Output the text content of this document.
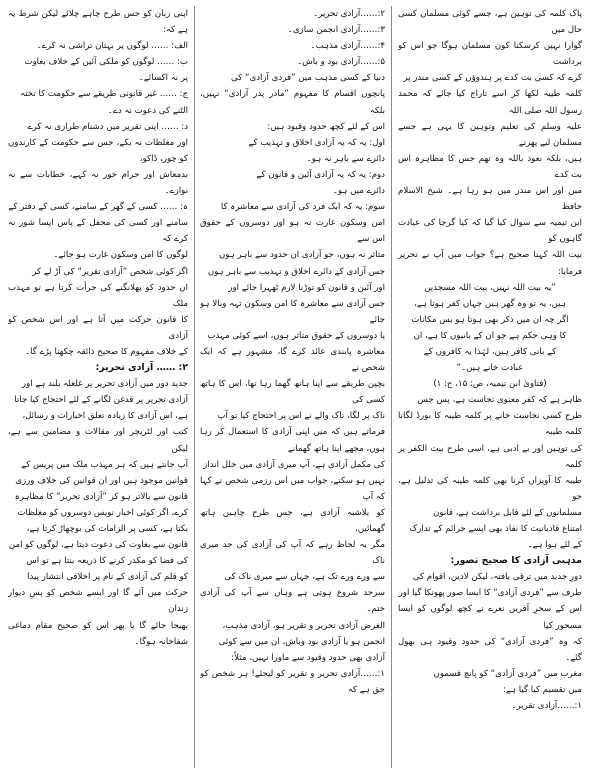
پاک کلمہ کی توہین ہے، جسے کوئی مسلمان کسی حال میں

گوارا نہیں کرسکتا کون مسلمان ہوگا جو اس کو برداشت

کرے کہ کسی بت کدے پر ہندوؤں کے کسی مندر پر

کلمہ طیبہ لکھا کر اسے تاراج کیا جائے کہ محمد رسول اللہ صلی اللہ

علیہ وسلم کی تعلیم وتوہین کا یہی ہے جسے مسلمان لیے پھرتے

ہیں، بلکہ نعوذ باللہ وہ تھم جس کا مظاہرہ اس بت کدے

میں اور اس مندر میں ہو رہا ہے۔ شیخ الاسلام حافظ

ابن تیمیہ سے سوال کیا گیا کہ کیا گرجا کی عبادت گاہوں کو

بیت اللہ کہنا صحیح ہے؟ جواب میں آپ نے تحریر فرمایا:

”یہ بیت اللہ نہیں، بیت اللہ مسجدیں

ہیں، یہ تو وہ گھر ہیں جہاں کفر ہوتا ہے،

اگر چہ ان میں ذکر بھی ہوتا ہو بس مکانات

کا وہی حکم ہے جو ان کے بانیوں کا ہے، ان

کے بانی کافر ہیں، لہٰذا یہ کافروں کے

عبادت خانے ہیں۔“

(فتاویٰ ابن تیمیہ، ص: ۱۵، ج: ۱)

ظاہر ہے کہ کفر معنوی نجاست ہے، پس جس

طرح کسی نجاست خانے پر کلمہ طیبہ کا بورڈ لگانا کلمہ طیبہ

کی توہین اور بے ادبی ہے، اسی طرح بیت الکفر پر کلمہ

طیبہ کا آویزاں کرنا بھی کلمہ طیبہ کی تذلیل ہے، جو

مسلمانوں کے لئے قابل برداشت ہے، قانون

امتناع قادیانیت کا نفاذ بھی ایسے جرائم کے تدارک

کے لئے ہوا ہے۔

مذہبی آزادی کا صحیح تصور:

دورِ جدید میں ترقی یافتہ، لیکن لادین، اقوام کی

طرف سے ”فردی آزادی“ کا ایسا صور پھونکا گیا اور

اس کے سحرِ آفریں نعرے نے کچھ لوگوں کو ایسا مسحور کیا

کہ وہ ”فردی آزادی“ کی حدود وقیود ہی بھول گئے۔

مغرب میں ”فردی آزادی“ کو پانچ قسموں

میں تقسیم کیا گیا ہے:

۱:……آزادی تقریر۔

۲:……آزادی تحریر۔

۳:……آزادی انجمن سازی۔

۴:……آزادی مذہب۔

۵:……آزادی بود و باش۔

دنیا کے کسی مذہب میں ”فردی آزادی“ کی

پانچوں اقسام کا مفہوم ”مادر پدر آزادی“ نہیں، بلکہ

اس کے لئے کچھ حدود وقیود ہیں:

اول: یہ کہ یہ آزادی اخلاق و تہذیب کے

دائرے سے باہر نہ ہو۔

دوم: یہ کہ یہ آزادی آئین و قانون کے

دائرے میں ہو۔

سوم: یہ کہ ایک فرد کی آزادی سے معاشرہ کا

امن وسکون غارت نہ ہو اور دوسروں کے حقوق اس سے

متاثر نہ ہوں، جو آزادی ان حدود سے باہر ہوں

جس آزادی کے دائرے اخلاق و تہذیب سے باہر ہوں

اور آئین و قانون کو توڑنا لازم ٹھہرا جائے اور

جس آزادی سے معاشرہ کا امن وسکون تہہ وبالا ہو جائے

یا دوسروں کے حقوق متاثر ہوں، اسے کوئی مہذب

معاشرہ پابندی عائد کرے گا، مشہور ہے کہ ایک شخص نے

بچپن طریقے سے اپنا ہاتھ گھما رہا تھا، اس کا ہاتھ کسی کی

ناک پر لگا، ناک والے نے اس پر احتجاج کیا تو آپ

فرماتے ہیں کہ میں اپنی آزادی کا استعمال کر رہا ہوں، مجھے اپنا ہاتھ گھمانے

کی مکمل آزادی ہے، آپ میری آزادی میں خلل انداز

نہیں ہو سکتے، جواب میں اس رزمی شخص نے کہا کہ آپ

کو بلاشبہ آزادی ہے، جس طرح چاہیں ہاتھ گھمائیں،

مگر یہ لحاظ رہے کہ آپ کی آزادی کی حد میری ناک

سے ورے ورے تک ہے، جہاں سے میری ناک کی

سرحد شروع ہوتی ہے وہاں سے آپ کی آزادی ختم۔

الغرض آزادی تحریر و تقریر ہو، آزادی مذہب،

انجمن ہو یا آزادی بود وباش، ان میں سے کوئی

آزادی بھی حدود وقیود سے ماورا نہیں، مثلاً:

۱:……آزادی تحریر و تقریر کو لیجئے! ہر شخص کو حق ہے کہ

اپنی زبان کو جس طرح چاہے چلائے لیکن شرط یہ ہے کہ:

الف: …… لوگوں پر بہتان تراشی نہ کرے۔

ب: …… لوگوں کو ملکی آئین کے خلاف بغاوت

پر نہ اکسائے۔

ج: …… غیر قانونی طریقے سے حکومت کا تختہ

الٹنے کی دعوت نہ دے۔

د: …… اپنی تقریر میں دشنام طرازی نہ کرے

اور مغلظات نہ بکے، جس سے حکومت کے کارندوں کو چور، ڈاکو،

بدمعاش اور حرام خور نہ کہے، خطابات سے نہ نوازے۔

ہ: …… کسی کے گھر کے سامنے، کسی کے دفتر کے

سامنے اور کسی کی محفل کے پاس ایسا شور نہ کرے کہ

لوگوں کا امن وسکون غارت ہو جائے۔

اگر کوئی شخص ”آزادی تقریر“ کی آڑ لے کر

ان حدود کو پھلانگنے کی جرأت کرتا ہے تو مہذب ملک

کا قانون حرکت میں آتا ہے اور اس شخص کو آزادی

کے خلاف مفہوم کا صحیح ذائقہ چکھنا پڑے گا۔

۲: …… آزادی تحریر:

جدید دور میں آزادی تحریر پر غلغلہ بلند ہے اور

آزادی تحریر پر قدغن لگانے کے لئے احتجاج کیا جاتا

ہے، اس آزادی کا زیادہ تعلق اخبارات و رسائل،

کتب اور لٹریچر اور مقالات و مضامین سے ہے، لیکن

آپ جانتے ہیں کہ ہر مہذب ملک میں پریس کے

قوانین موجود ہیں اور ان قوانین کی خلاف ورزی

قانون سے بالاتر ہو کر ”آزادی تحریر“ کا مظاہرہ

کرے، اگر کوئی اخبار نویس دوسروں کو مغلظات

بکتا ہے، کسی پر الزامات کی بوچھاڑ کرتا ہے،

قانون سے بغاوت کی دعوت دیتا ہے، لوگوں کو امن

کی فضا کو مکدر کرنے کا ذریعہ بنتا ہے تو اس

کو قلم کی آزادی کے نام پر اخلاقی انتشار پیدا

حرکت میں آئے گا اور ایسے شخص کو پسِ دیوار زندان

بھیجا جائے گا یا پھر اس کو صحیح مقام دماغی شفاخانہ ہوگا۔
